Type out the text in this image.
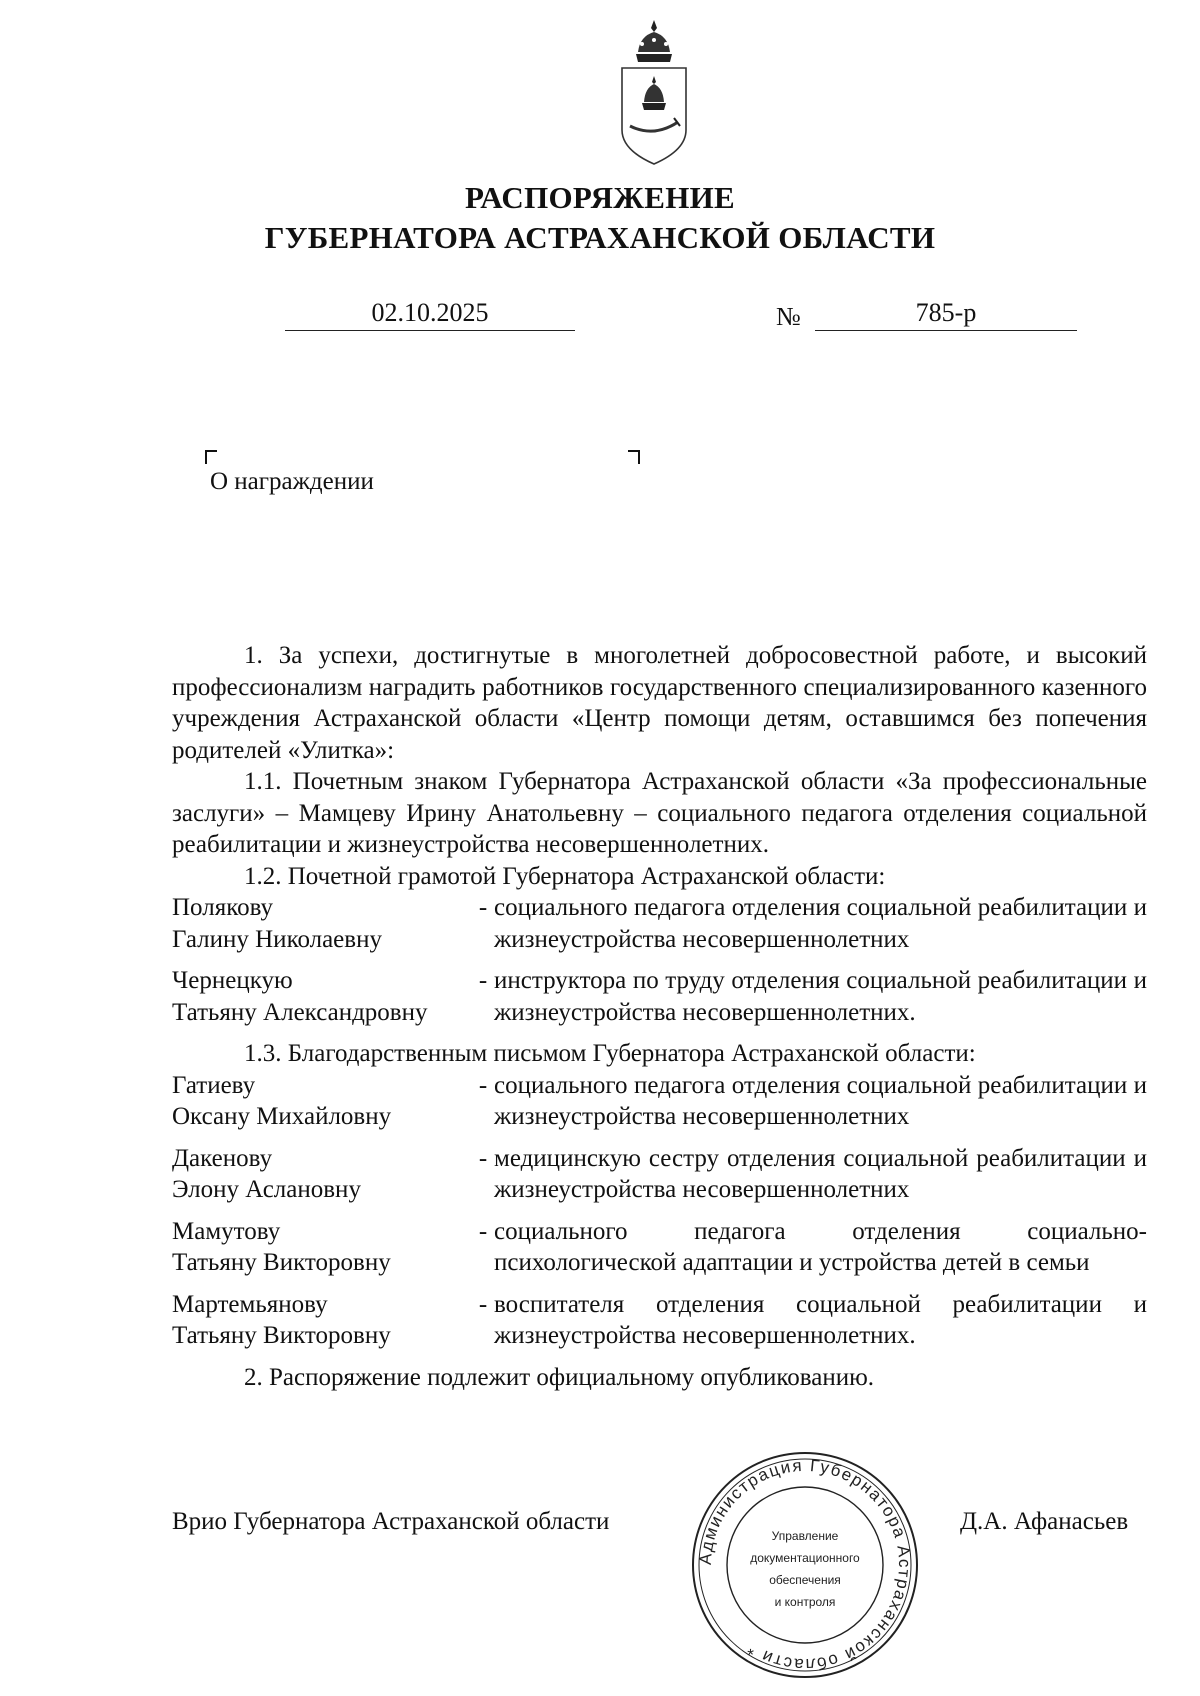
РАСПОРЯЖЕНИЕ
ГУБЕРНАТОРА АСТРАХАНСКОЙ ОБЛАСТИ
02.10.2025	№	785-р
О награждении

1. За успехи, достигнутые в многолетней добросовестной работе, и высокий профессионализм наградить работников государственного специализированного казенного учреждения Астраханской области «Центр помощи детям, оставшимся без попечения родителей «Улитка»:

1.1. Почетным знаком Губернатора Астраханской области «За профессиональные заслуги» – Мамцеву Ирину Анатольевну – социального педагога отделения социальной реабилитации и жизнеустройства несовершеннолетних.

1.2. Почетной грамотой Губернатора Астраханской области:

Полякову
Галину Николаевну
- социального педагога отделения социальной реабилитации и жизнеустройства несовершеннолетних
Чернецкую
Татьяну Александровну
- инструктора по труду отделения социальной реабилитации и жизнеустройства несовершеннолетних.

1.3. Благодарственным письмом Губернатора Астраханской области:

Гатиеву
Оксану Михайловну
- социального педагога отделения социальной реабилитации и жизнеустройства несовершеннолетних
Дакенову
Элону Аслановну
- медицинскую сестру отделения социальной реабилитации и жизнеустройства несовершеннолетних
Мамутову
Татьяну Викторовну
- социального педагога отделения социально-психологической адаптации и устройства детей в семьи
Мартемьянову
Татьяну Викторовну
- воспитателя отделения социальной реабилитации и жизнеустройства несовершеннолетних.

2. Распоряжение подлежит официальному опубликованию.

Врио Губернатора Астраханской области	Д.А. Афанасьев
Администрация Губернатора Астраханской области *
Управление
документационного
обеспечения
и контроля
